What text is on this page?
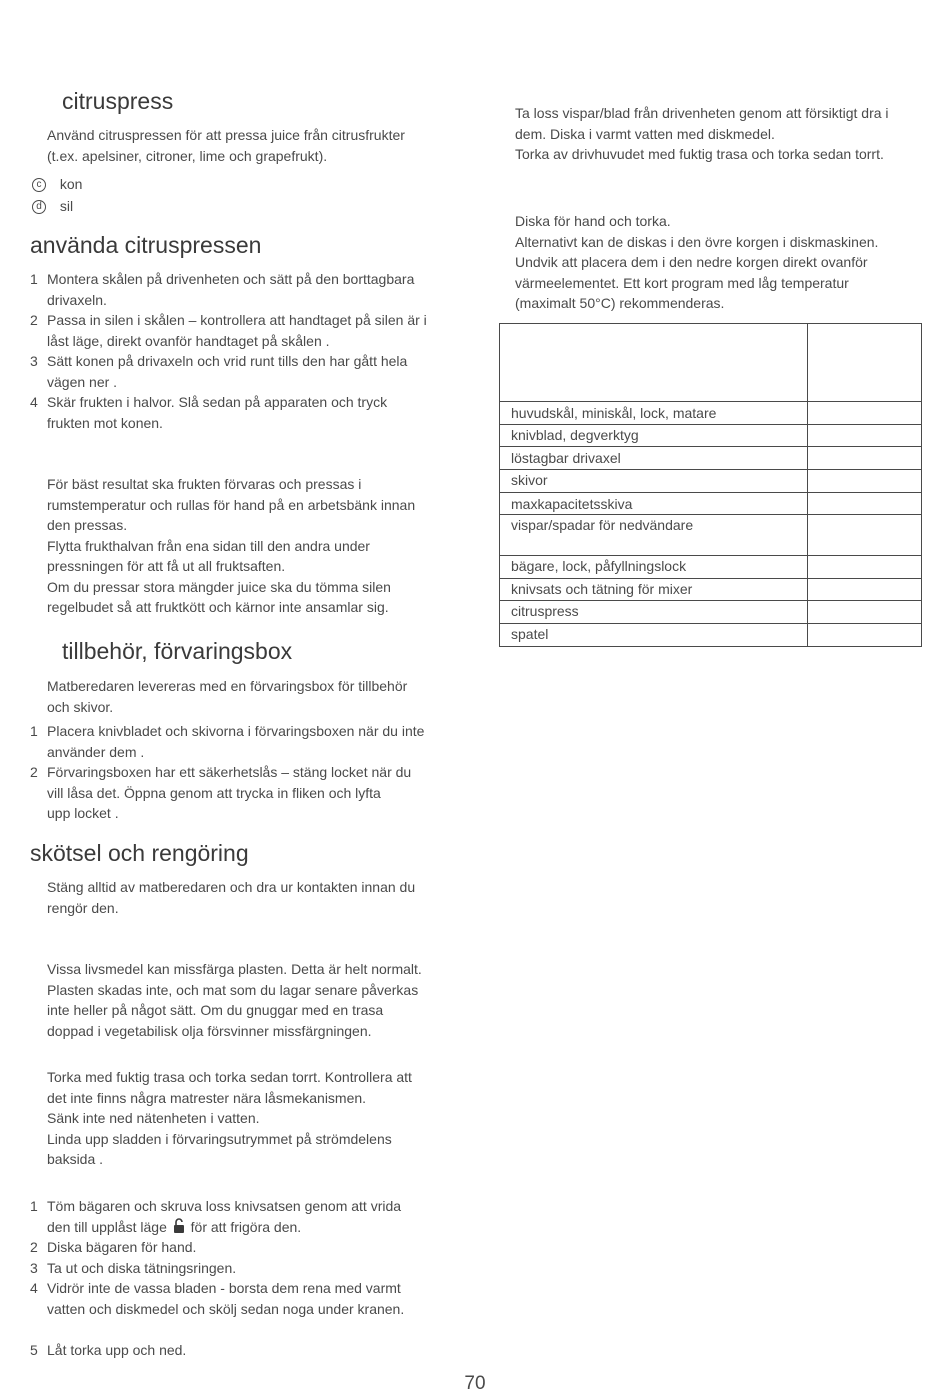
citruspress
Använd citruspressen för att pressa juice från citrusfrukter
(t.ex. apelsiner, citroner, lime och grapefrukt).
c kon
d sil
använda citruspressen
1 Montera skålen på drivenheten och sätt på den borttagbara
drivaxeln.
2 Passa in silen i skålen – kontrollera att handtaget på silen är i
låst läge, direkt ovanför handtaget på skålen .
3 Sätt konen på drivaxeln och vrid runt tills den har gått hela
vägen ner .
4 Skär frukten i halvor. Slå sedan på apparaten och tryck
frukten mot konen.
För bäst resultat ska frukten förvaras och pressas i
rumstemperatur och rullas för hand på en arbetsbänk innan
den pressas.
Flytta frukthalvan från ena sidan till den andra under
pressningen för att få ut all fruktsaften.
Om du pressar stora mängder juice ska du tömma silen
regelbudet så att fruktkött och kärnor inte ansamlar sig.
tillbehör, förvaringsbox
Matberedaren levereras med en förvaringsbox för tillbehör
och skivor.
1 Placera knivbladet och skivorna i förvaringsboxen när du inte
använder dem .
2 Förvaringsboxen har ett säkerhetslås – stäng locket när du
vill låsa det. Öppna genom att trycka in fliken och lyfta
upp locket .
skötsel och rengöring
Stäng alltid av matberedaren och dra ur kontakten innan du
rengör den.
Vissa livsmedel kan missfärga plasten. Detta är helt normalt.
Plasten skadas inte, och mat som du lagar senare påverkas
inte heller på något sätt. Om du gnuggar med en trasa
doppad i vegetabilisk olja försvinner missfärgningen.
Torka med fuktig trasa och torka sedan torrt. Kontrollera att
det inte finns några matrester nära låsmekanismen.
Sänk inte ned nätenheten i vatten.
Linda upp sladden i förvaringsutrymmet på strömdelens
baksida .
1 Töm bägaren och skruva loss knivsatsen genom att vrida
den till upplåst läge för att frigöra den.
2 Diska bägaren för hand.
3 Ta ut och diska tätningsringen.
4 Vidrör inte de vassa bladen - borsta dem rena med varmt
vatten och diskmedel och skölj sedan noga under kranen.
5 Låt torka upp och ned.
Ta loss vispar/blad från drivenheten genom att försiktigt dra i
dem. Diska i varmt vatten med diskmedel.
Torka av drivhuvudet med fuktig trasa och torka sedan torrt.
Diska för hand och torka.
Alternativt kan de diskas i den övre korgen i diskmaskinen.
Undvik att placera dem i den nedre korgen direkt ovanför
värmeelementet. Ett kort program med låg temperatur
(maximalt 50°C) rekommenderas.
huvudskål, miniskål, lock, matare
knivblad, degverktyg
löstagbar drivaxel
skivor
maxkapacitetsskiva
vispar/spadar för nedvändare
bägare, lock, påfyllningslock
knivsats och tätning för mixer
citruspress
spatel
70
